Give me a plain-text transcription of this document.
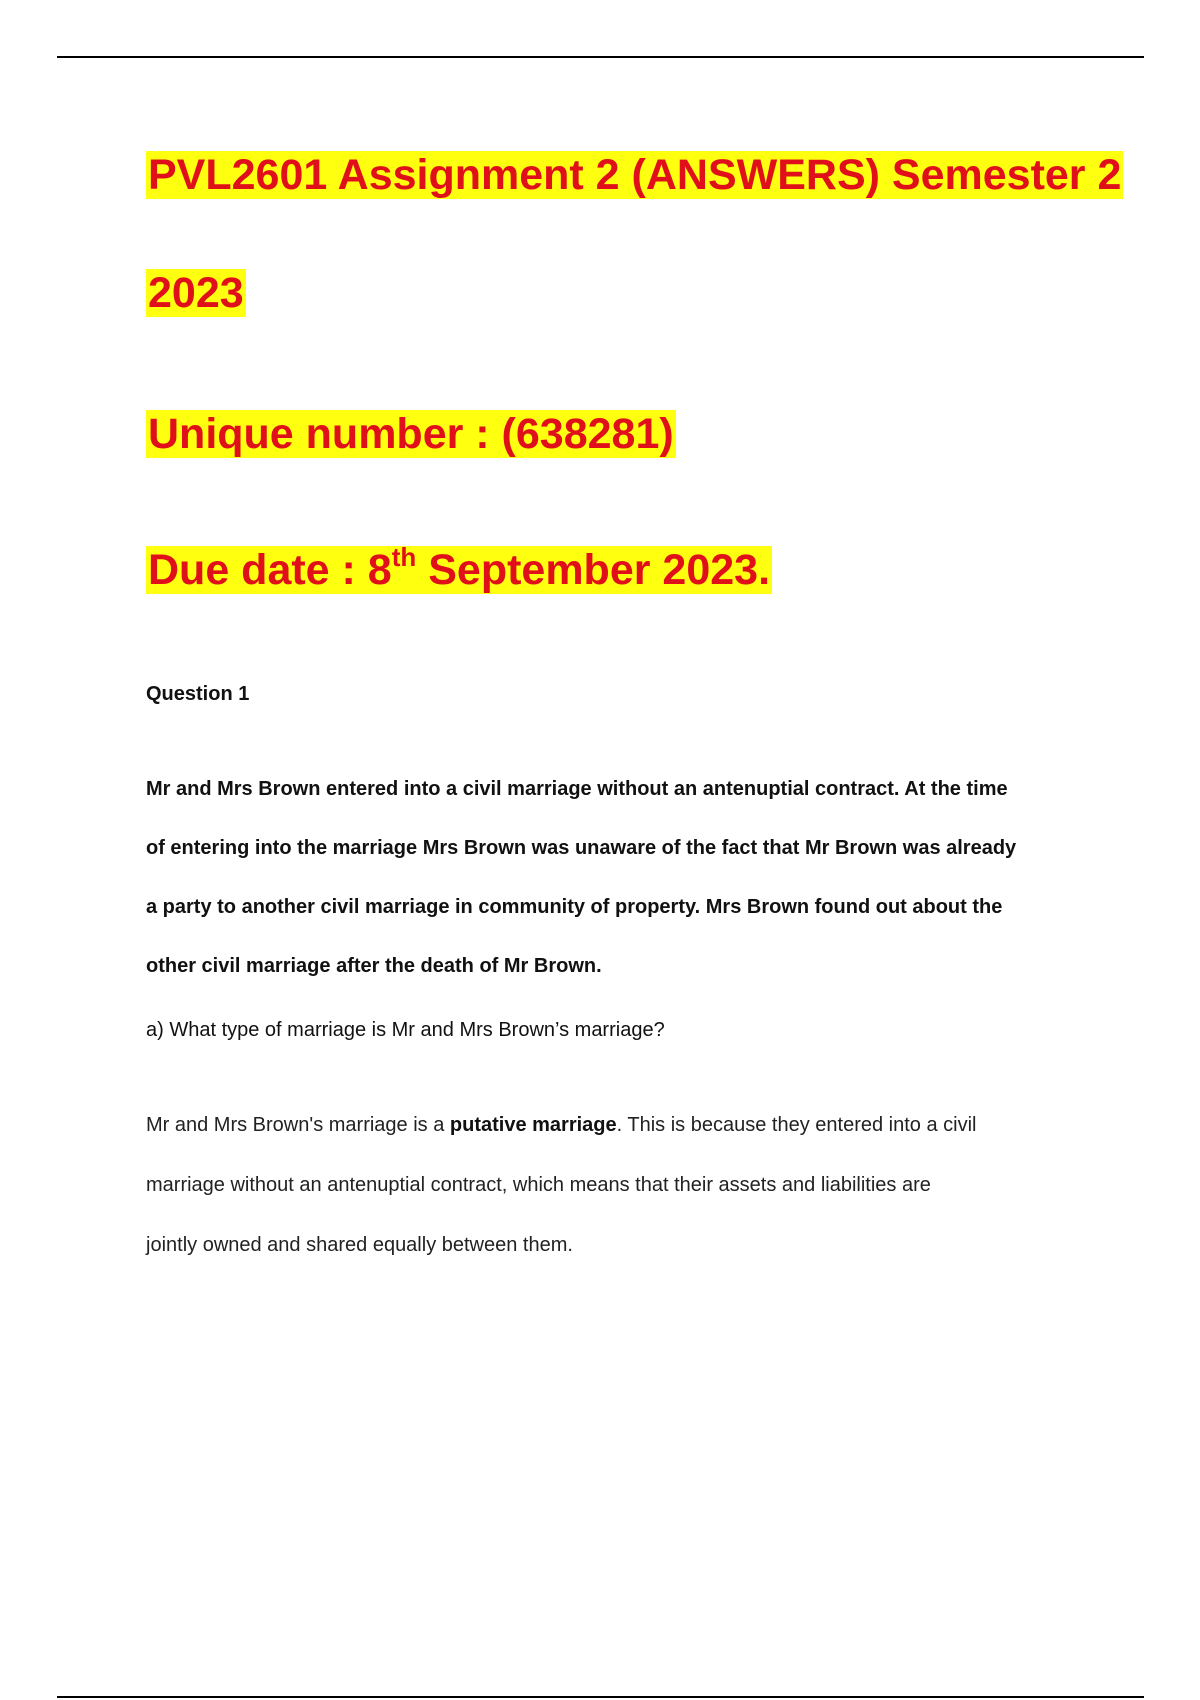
PVL2601 Assignment 2 (ANSWERS) Semester 2
2023
Unique number : (638281)
Due date : 8th September 2023.
Question 1
Mr and Mrs Brown entered into a civil marriage without an antenuptial contract. At the time
of entering into the marriage Mrs Brown was unaware of the fact that Mr Brown was already
a party to another civil marriage in community of property. Mrs Brown found out about the
other civil marriage after the death of Mr Brown.
a) What type of marriage is Mr and Mrs Brown’s marriage?
Mr and Mrs Brown's marriage is a putative marriage. This is because they entered into a civil
marriage without an antenuptial contract, which means that their assets and liabilities are
jointly owned and shared equally between them.
